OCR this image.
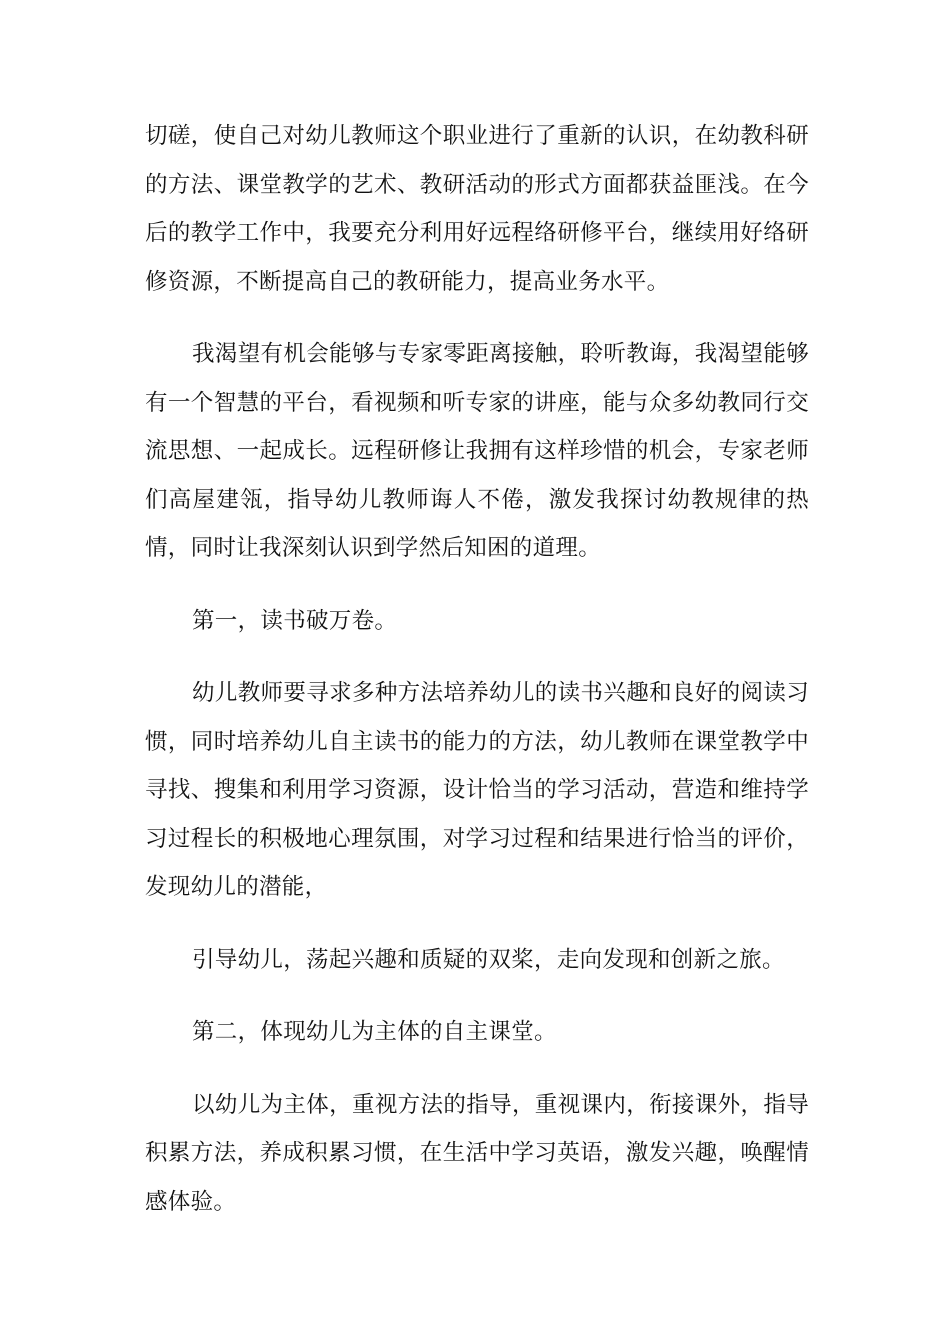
切磋，使自己对幼儿教师这个职业进行了重新的认识，在幼教科研的方法、课堂教学的艺术、教研活动的形式方面都获益匪浅。在今后的教学工作中，我要充分利用好远程络研修平台，继续用好络研修资源，不断提高自己的教研能力，提高业务水平。

我渴望有机会能够与专家零距离接触，聆听教诲，我渴望能够有一个智慧的平台，看视频和听专家的讲座，能与众多幼教同行交流思想、一起成长。远程研修让我拥有这样珍惜的机会，专家老师们高屋建瓴，指导幼儿教师诲人不倦，激发我探讨幼教规律的热情，同时让我深刻认识到学然后知困的道理。

第一，读书破万卷。

幼儿教师要寻求多种方法培养幼儿的读书兴趣和良好的阅读习惯，同时培养幼儿自主读书的能力的方法，幼儿教师在课堂教学中寻找、搜集和利用学习资源，设计恰当的学习活动，营造和维持学习过程长的积极地心理氛围，对学习过程和结果进行恰当的评价，发现幼儿的潜能，

引导幼儿，荡起兴趣和质疑的双桨，走向发现和创新之旅。

第二，体现幼儿为主体的自主课堂。

以幼儿为主体，重视方法的指导，重视课内，衔接课外，指导积累方法，养成积累习惯，在生活中学习英语，激发兴趣，唤醒情感体验。
